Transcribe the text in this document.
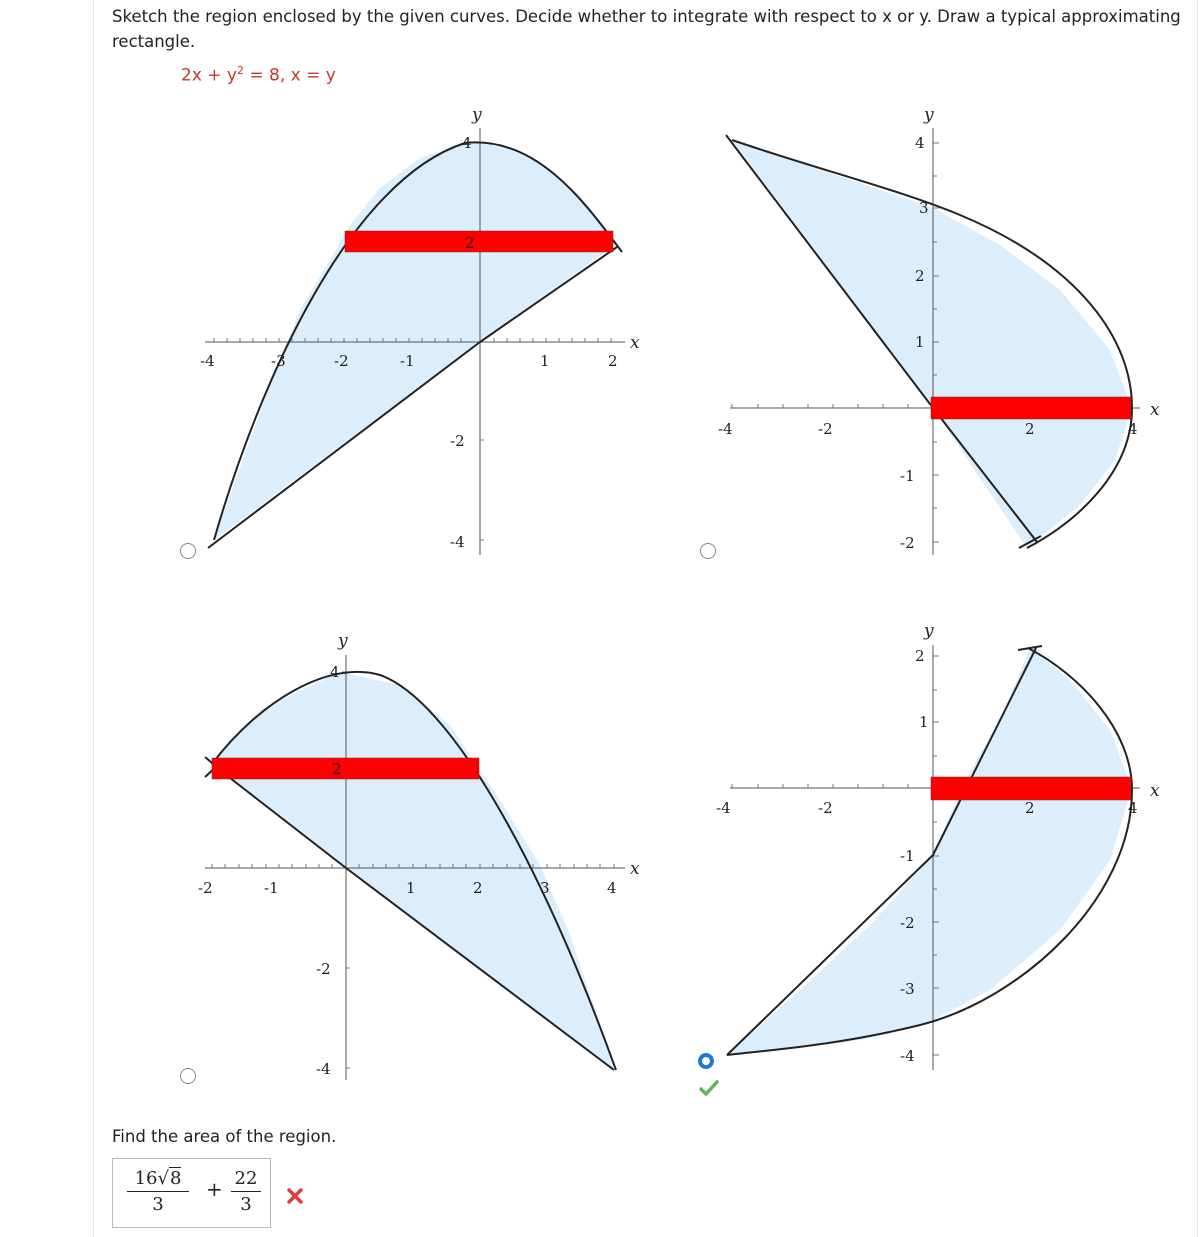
Sketch the region enclosed by the given curves. Decide whether to integrate with respect to x or y. Draw a typical approximating rectangle.
$2x + y^2 = 8$, x = y
x
y
-4	-3	-2	-1	1	2
4
2
-2
-4
x
y
-4	-2	2	4
4
3
2
1
-1
-2
x
y
-2	-1	1	2	3	4
4
2
-2
-4
x
y
-4	-2	2	4
2
1
-1
-2
-3
-4
Find the area of the region.
16√8
3
+ 22
3
